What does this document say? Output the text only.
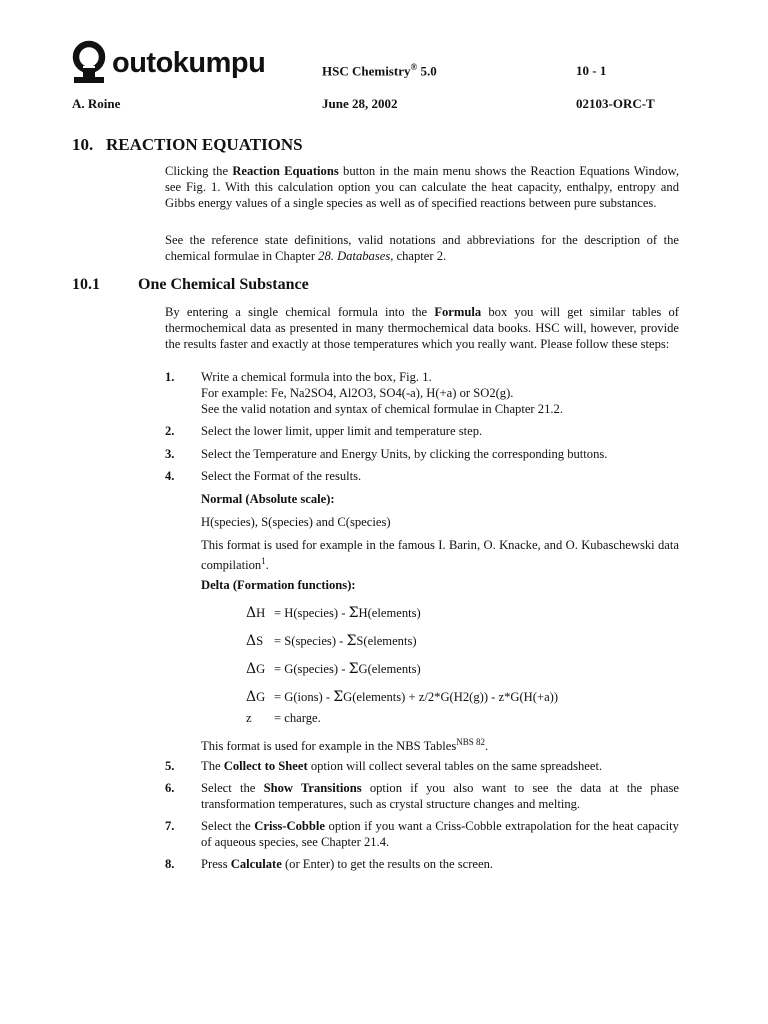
outokumpu	HSC Chemistry® 5.0	10 - 1
A. Roine	June 28, 2002	02103-ORC-T
10. REACTION EQUATIONS

Clicking the Reaction Equations button in the main menu shows the Reaction Equations Window, see Fig. 1. With this calculation option you can calculate the heat capacity, enthalpy, entropy and Gibbs energy values of a single species as well as of specified reactions between pure substances.

See the reference state definitions, valid notations and abbreviations for the description of the chemical formulae in Chapter 28. Databases, chapter 2.

10.1 One Chemical Substance

By entering a single chemical formula into the Formula box you will get similar tables of thermochemical data as presented in many thermochemical data books. HSC will, however, provide the results faster and exactly at those temperatures which you really want. Please follow these steps:

1. Write a chemical formula into the box, Fig. 1.
For example: Fe, Na2SO4, Al2O3, SO4(-a), H(+a) or SO2(g).
See the valid notation and syntax of chemical formulae in Chapter 21.2.
2. Select the lower limit, upper limit and temperature step.
3. Select the Temperature and Energy Units, by clicking the corresponding buttons.
4. Select the Format of the results.
Normal (Absolute scale):
H(species), S(species) and C(species)
This format is used for example in the famous I. Barin, O. Knacke, and O. Kubaschewski data compilation$^1$.
Delta (Formation functions):
ΔH = H(species) - ΣH(elements)
ΔS = S(species) - ΣS(elements)
ΔG = G(species) - ΣG(elements)
ΔG = G(ions) - ΣG(elements) + z/2*G(H2(g)) - z*G(H(+a))
z = charge.
This format is used for example in the NBS Tables$^{NBS 82}$.
5. The Collect to Sheet option will collect several tables on the same spreadsheet.
6. Select the Show Transitions option if you also want to see the data at the phase transformation temperatures, such as crystal structure changes and melting.
7. Select the Criss-Cobble option if you want a Criss-Cobble extrapolation for the heat capacity of aqueous species, see Chapter 21.4.
8. Press Calculate (or Enter) to get the results on the screen.
